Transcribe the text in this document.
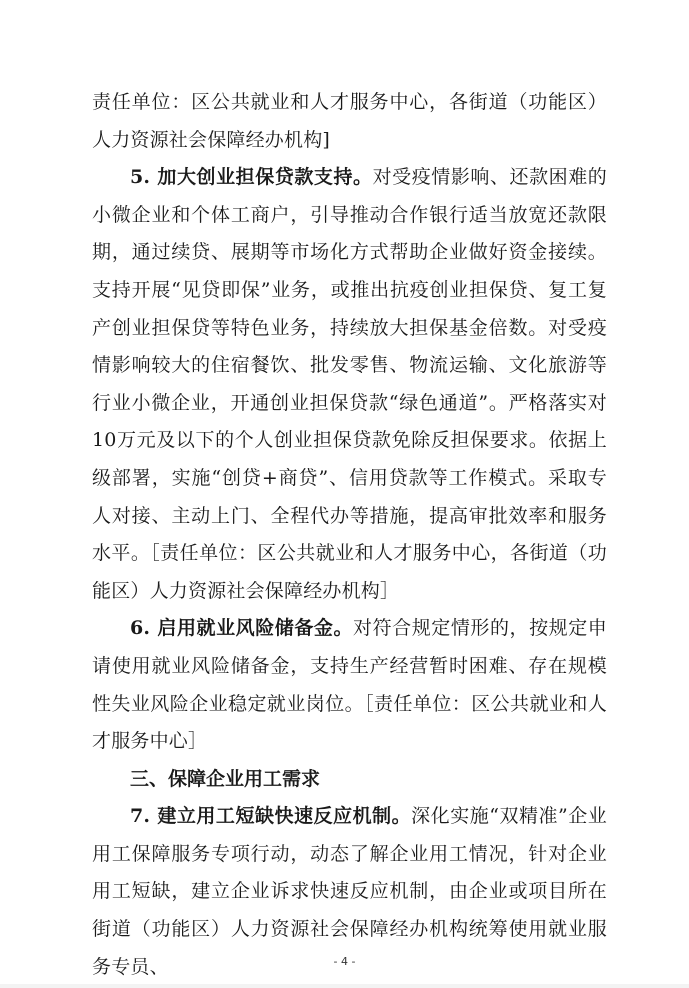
责任单位：区公共就业和人才服务中心，各街道（功能区）人力资源社会保障经办机构]

5. 加大创业担保贷款支持。对受疫情影响、还款困难的小微企业和个体工商户，引导推动合作银行适当放宽还款限期，通过续贷、展期等市场化方式帮助企业做好资金接续。支持开展“见贷即保”业务，或推出抗疫创业担保贷、复工复产创业担保贷等特色业务，持续放大担保基金倍数。对受疫情影响较大的住宿餐饮、批发零售、物流运输、文化旅游等行业小微企业，开通创业担保贷款“绿色通道”。严格落实对10万元及以下的个人创业担保贷款免除反担保要求。依据上级部署，实施“创贷+商贷”、信用贷款等工作模式。采取专人对接、主动上门、全程代办等措施，提高审批效率和服务水平。［责任单位：区公共就业和人才服务中心，各街道（功能区）人力资源社会保障经办机构］

6. 启用就业风险储备金。对符合规定情形的，按规定申请使用就业风险储备金，支持生产经营暂时困难、存在规模性失业风险企业稳定就业岗位。［责任单位：区公共就业和人才服务中心］

三、保障企业用工需求

7. 建立用工短缺快速反应机制。深化实施“双精准”企业用工保障服务专项行动，动态了解企业用工情况，针对企业用工短缺，建立企业诉求快速反应机制，由企业或项目所在街道（功能区）人力资源社会保障经办机构统筹使用就业服务专员、	- 4 -
